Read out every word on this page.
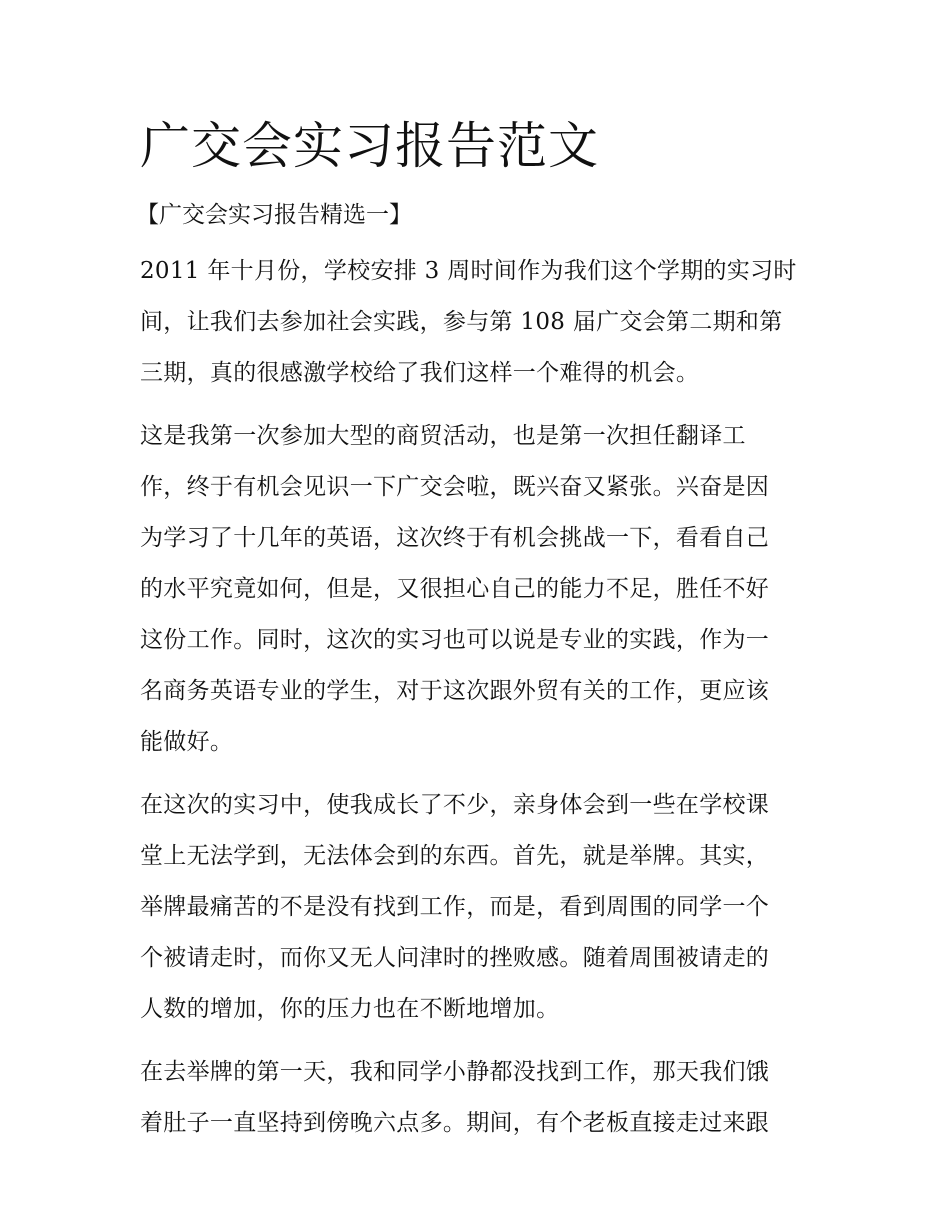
广交会实习报告范文
【广交会实习报告精选一】

2011 年十月份，学校安排 3 周时间作为我们这个学期的实习时
间，让我们去参加社会实践，参与第 108 届广交会第二期和第
三期，真的很感激学校给了我们这样一个难得的机会。

这是我第一次参加大型的商贸活动，也是第一次担任翻译工
作，终于有机会见识一下广交会啦，既兴奋又紧张。兴奋是因
为学习了十几年的英语，这次终于有机会挑战一下，看看自己
的水平究竟如何，但是，又很担心自己的能力不足，胜任不好
这份工作。同时，这次的实习也可以说是专业的实践，作为一
名商务英语专业的学生，对于这次跟外贸有关的工作，更应该
能做好。

在这次的实习中，使我成长了不少，亲身体会到一些在学校课
堂上无法学到，无法体会到的东西。首先，就是举牌。其实，
举牌最痛苦的不是没有找到工作，而是，看到周围的同学一个
个被请走时，而你又无人问津时的挫败感。随着周围被请走的
人数的增加，你的压力也在不断地增加。

在去举牌的第一天，我和同学小静都没找到工作，那天我们饿
着肚子一直坚持到傍晚六点多。期间，有个老板直接走过来跟
